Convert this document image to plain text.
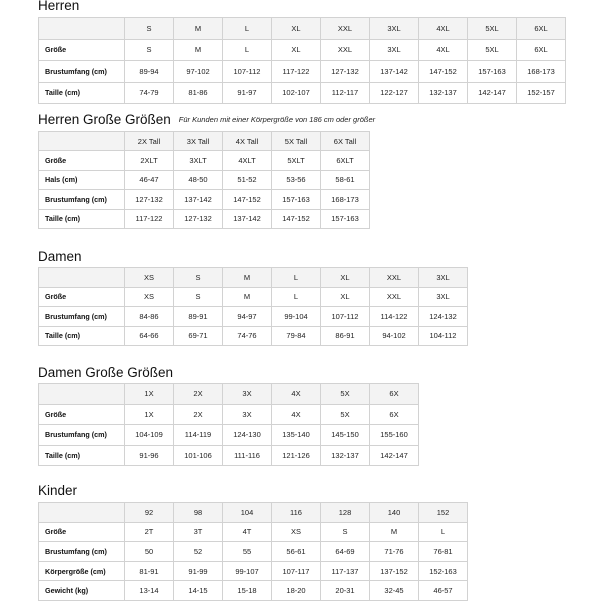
Herren
	S	M	L	XL	XXL	3XL	4XL	5XL	6XL
Größe	S	M	L	XL	XXL	3XL	4XL	5XL	6XL
Brustumfang (cm)	89-94	97-102	107-112	117-122	127-132	137-142	147-152	157-163	168-173
Taille (cm)	74-79	81-86	91-97	102-107	112-117	122-127	132-137	142-147	152-157
Herren Große Größen Für Kunden mit einer Körpergröße von 186 cm oder größer
	2X Tall	3X Tall	4X Tall	5X Tall	6X Tall
Größe	2XLT	3XLT	4XLT	5XLT	6XLT
Hals (cm)	46-47	48-50	51-52	53-56	58-61
Brustumfang (cm)	127-132	137-142	147-152	157-163	168-173
Taille (cm)	117-122	127-132	137-142	147-152	157-163
Damen
	XS	S	M	L	XL	XXL	3XL
Größe	XS	S	M	L	XL	XXL	3XL
Brustumfang (cm)	84-86	89-91	94-97	99-104	107-112	114-122	124-132
Taille (cm)	64-66	69-71	74-76	79-84	86-91	94-102	104-112
Damen Große Größen
	1X	2X	3X	4X	5X	6X
Größe	1X	2X	3X	4X	5X	6X
Brustumfang (cm)	104-109	114-119	124-130	135-140	145-150	155-160
Taille (cm)	91-96	101-106	111-116	121-126	132-137	142-147
Kinder
	92	98	104	116	128	140	152
Größe	2T	3T	4T	XS	S	M	L
Brustumfang (cm)	50	52	55	56-61	64-69	71-76	76-81
Körpergröße (cm)	81-91	91-99	99-107	107-117	117-137	137-152	152-163
Gewicht (kg)	13-14	14-15	15-18	18-20	20-31	32-45	46-57
